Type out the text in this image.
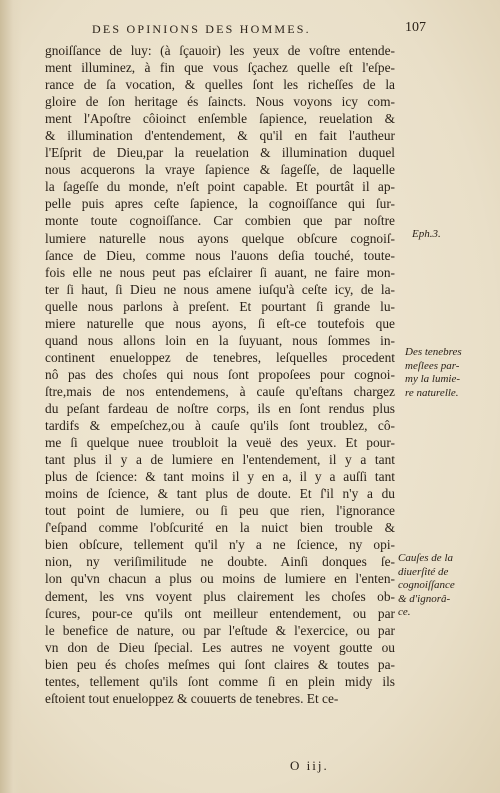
DES OPINIONS DES HOMMES.	107
gnoiſſance de luy: (à ſçauoir) les yeux de voſtre entende-
ment illuminez, à fin que vous ſçachez quelle eſt l'eſpe-
rance de ſa vocation, & quelles ſont les richeſſes de la
gloire de ſon heritage és ſaincts. Nous voyons icy com-
ment l'Apoſtre côioinct enſemble ſapience, reuelation &
& illumination d'entendement, & qu'il en fait l'autheur
l'Eſprit de Dieu,par la reuelation & illumination duquel
nous acquerons la vraye ſapience & ſageſſe, de laquelle
la ſageſſe du monde, n'eſt point capable. Et pourtât il ap-
pelle puis apres ceſte ſapience, la cognoiſſance qui ſur-
monte toute cognoiſſance. Car combien que par noſtre
lumiere naturelle nous ayons quelque obſcure cognoiſ-
ſance de Dieu, comme nous l'auons deſia touché, toute-
fois elle ne nous peut pas eſclairer ſi auant, ne faire mon-
ter ſi haut, ſi Dieu ne nous amene iuſqu'à ceſte icy, de la-
quelle nous parlons à preſent. Et pourtant ſi grande lu-
miere naturelle que nous ayons, ſi eſt-ce toutefois que
quand nous allons loin en la ſuyuant, nous ſommes in-
continent enueloppez de tenebres, leſquelles procedent
nô pas des choſes qui nous ſont propoſees pour cognoi-
ſtre,mais de nos entendemens, à cauſe qu'eſtans chargez
du peſant fardeau de noſtre corps, ils en ſont rendus plus
tardifs & empeſchez,ou à cauſe qu'ils ſont troublez, cô-
me ſi quelque nuee troubloit la veuë des yeux. Et pour-
tant plus il y a de lumiere en l'entendement, il y a tant
plus de ſcience: & tant moins il y en a, il y a auſſi tant
moins de ſcience, & tant plus de doute. Et ſ'il n'y a du
tout point de lumiere, ou ſi peu que rien, l'ignorance
ſ'eſpand comme l'obſcurité en la nuict bien trouble &
bien obſcure, tellement qu'il n'y a ne ſcience, ny opi-
nion, ny veriſimilitude ne doubte. Ainſi donques ſe-
lon qu'vn chacun a plus ou moins de lumiere en l'enten-
dement, les vns voyent plus clairement les choſes ob-
ſcures, pour-ce qu'ils ont meilleur entendement, ou par
le benefice de nature, ou par l'eſtude & l'exercice, ou par
vn don de Dieu ſpecial. Les autres ne voyent goutte ou
bien peu és choſes meſmes qui ſont claires & toutes pa-
tentes, tellement qu'ils ſont comme ſi en plein midy ils
eſtoient tout enueloppez & couuerts de tenebres. Et ce-
Eph.3.
Des tenebres
meſlees par-
my la lumie-
re naturelle.
Cauſes de la
diuerſité de
cognoiſſance
& d'ignorâ-
ce.
O iij.
